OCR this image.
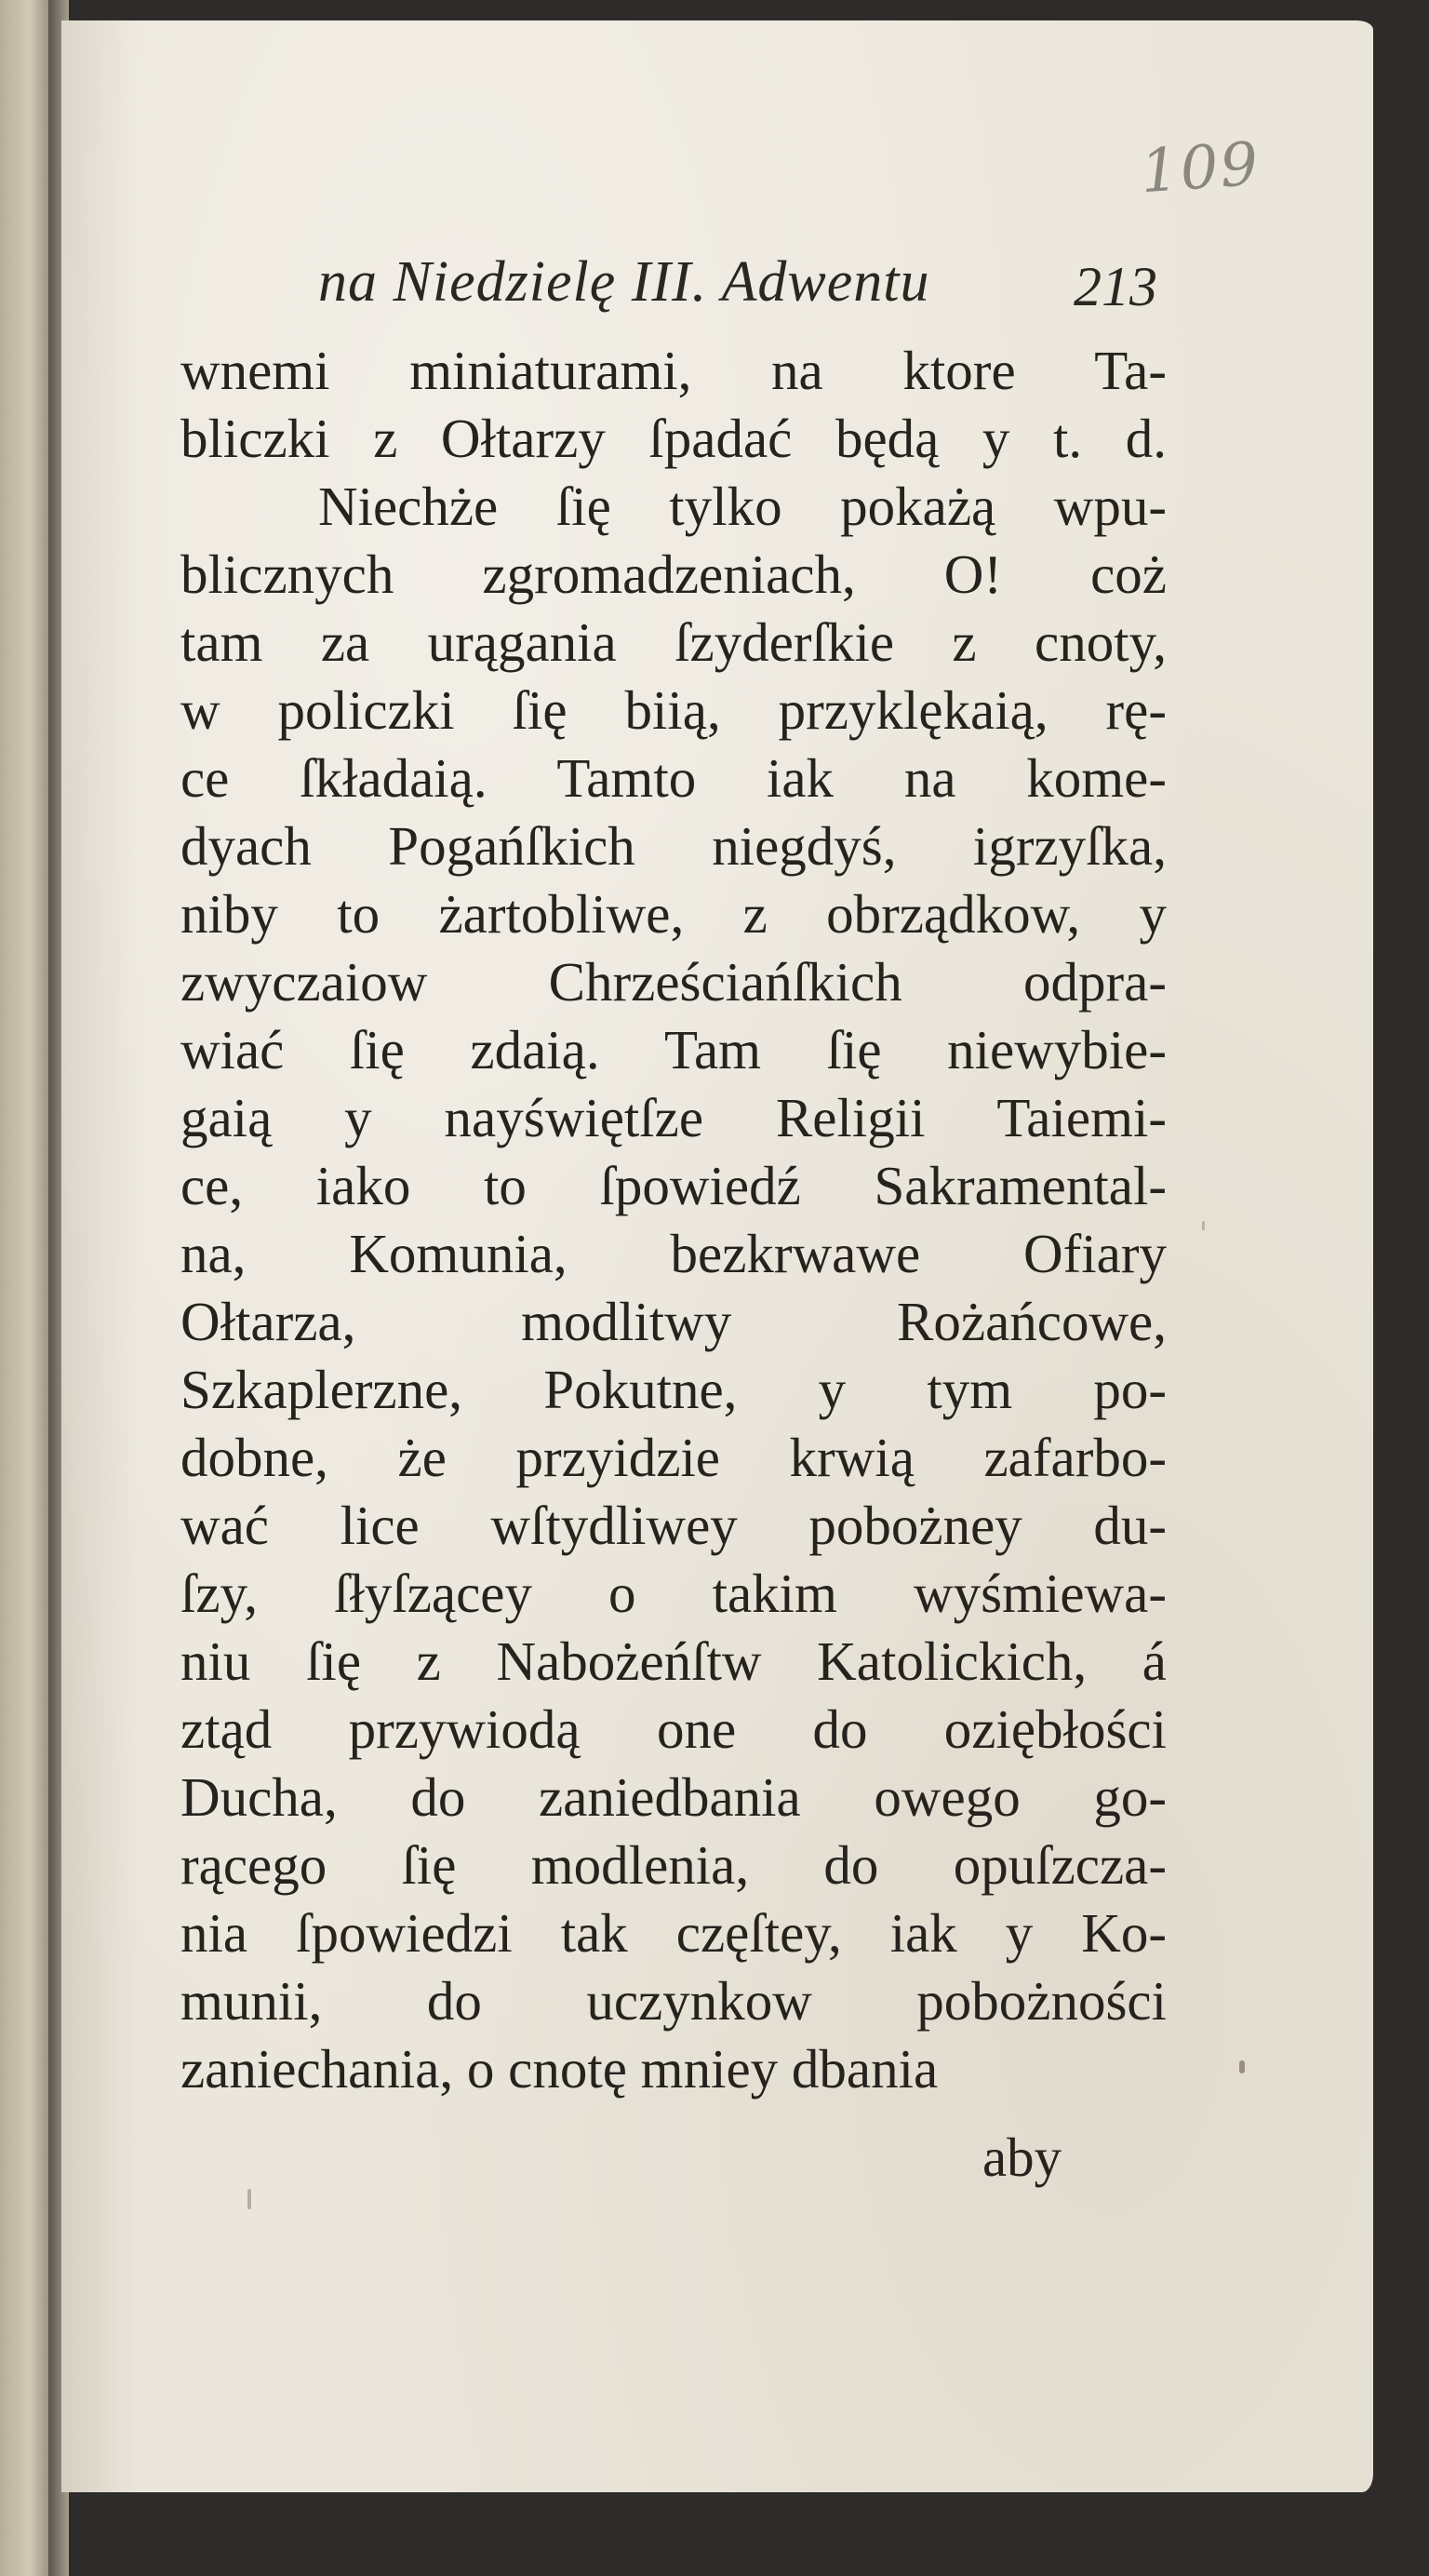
109
na Niedzielę III. Adwentu	213
wnemi miniaturami, na ktore Ta-
bliczki z Ołtarzy ſpadać będą y t. d.
Niechże ſię tylko pokażą wpu-
blicznych zgromadzeniach, O! coż
tam za urągania ſzyderſkie z cnoty,
w policzki ſię biią, przyklękaią, rę-
ce ſkładaią. Tamto iak na kome-
dyach Pogańſkich niegdyś, igrzyſka,
niby to żartobliwe, z obrządkow, y
zwyczaiow Chrześciańſkich odpra-
wiać ſię zdaią. Tam ſię niewybie-
gaią y nayświętſze Religii Taiemi-
ce, iako to ſpowiedź Sakramental-
na, Komunia, bezkrwawe Ofiary
Ołtarza, modlitwy Rożańcowe,
Szkaplerzne, Pokutne, y tym po-
dobne, że przyidzie krwią zafarbo-
wać lice wſtydliwey pobożney du-
ſzy, ſłyſzącey o takim wyśmiewa-
niu ſię z Nabożeńſtw Katolickich, á
ztąd przywiodą one do oziębłości
Ducha, do zaniedbania owego go-
rącego ſię modlenia, do opuſzcza-
nia ſpowiedzi tak częſtey, iak y Ko-
munii, do uczynkow pobożności
zaniechania, o cnotę mniey dbania
aby
